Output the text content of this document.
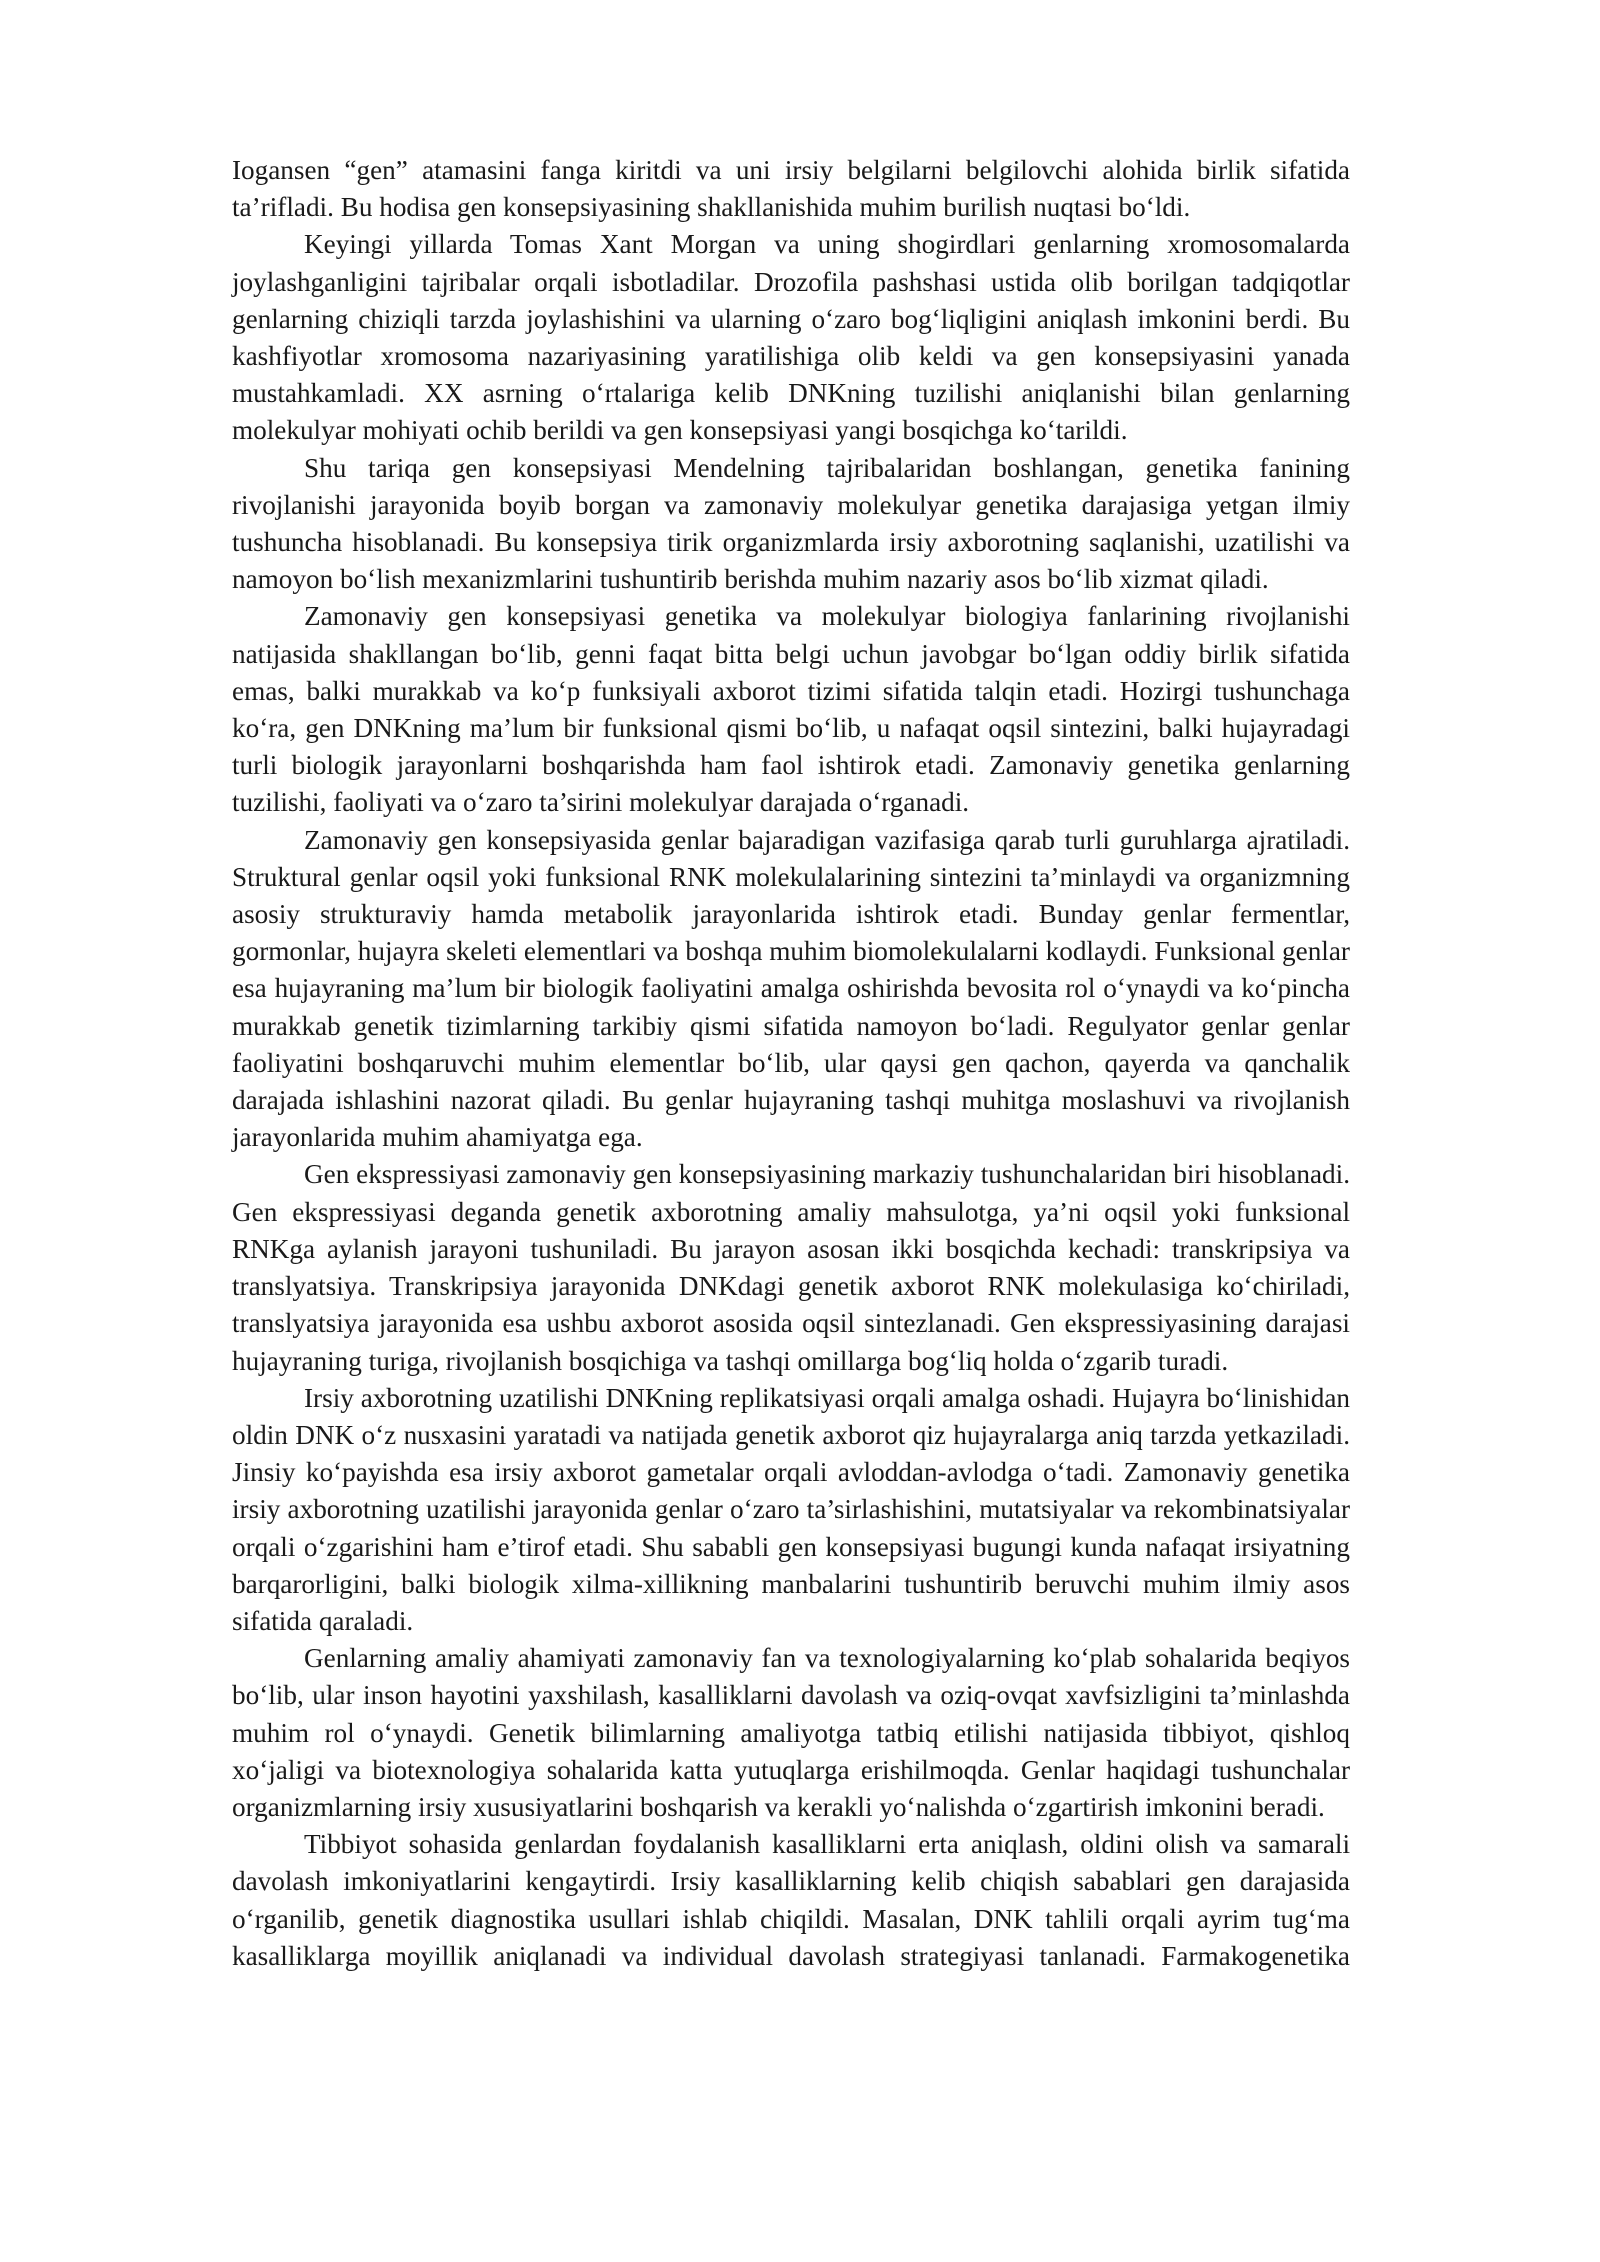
Iogansen “gen” atamasini fanga kiritdi va uni irsiy belgilarni belgilovchi alohida birlik sifatida ta’rifladi. Bu hodisa gen konsepsiyasining shakllanishida muhim burilish nuqtasi bo‘ldi.

Keyingi yillarda Tomas Xant Morgan va uning shogirdlari genlarning xromosomalarda joylashganligini tajribalar orqali isbotladilar. Drozofila pashshasi ustida olib borilgan tadqiqotlar genlarning chiziqli tarzda joylashishini va ularning o‘zaro bog‘liqligini aniqlash imkonini berdi. Bu kashfiyotlar xromosoma nazariyasining yaratilishiga olib keldi va gen konsepsiyasini yanada mustahkamladi. XX asrning o‘rtalariga kelib DNKning tuzilishi aniqlanishi bilan genlarning molekulyar mohiyati ochib berildi va gen konsepsiyasi yangi bosqichga ko‘tarildi.

Shu tariqa gen konsepsiyasi Mendelning tajribalaridan boshlangan, genetika fanining rivojlanishi jarayonida boyib borgan va zamonaviy molekulyar genetika darajasiga yetgan ilmiy tushuncha hisoblanadi. Bu konsepsiya tirik organizmlarda irsiy axborotning saqlanishi, uzatilishi va namoyon bo‘lish mexanizmlarini tushuntirib berishda muhim nazariy asos bo‘lib xizmat qiladi.

Zamonaviy gen konsepsiyasi genetika va molekulyar biologiya fanlarining rivojlanishi natijasida shakllangan bo‘lib, genni faqat bitta belgi uchun javobgar bo‘lgan oddiy birlik sifatida emas, balki murakkab va ko‘p funksiyali axborot tizimi sifatida talqin etadi. Hozirgi tushunchaga ko‘ra, gen DNKning ma’lum bir funksional qismi bo‘lib, u nafaqat oqsil sintezini, balki hujayradagi turli biologik jarayonlarni boshqarishda ham faol ishtirok etadi. Zamonaviy genetika genlarning tuzilishi, faoliyati va o‘zaro ta’sirini molekulyar darajada o‘rganadi.

Zamonaviy gen konsepsiyasida genlar bajaradigan vazifasiga qarab turli guruhlarga ajratiladi. Struktural genlar oqsil yoki funksional RNK molekulalarining sintezini ta’minlaydi va organizmning asosiy strukturaviy hamda metabolik jarayonlarida ishtirok etadi. Bunday genlar fermentlar, gormonlar, hujayra skeleti elementlari va boshqa muhim biomolekulalarni kodlaydi. Funksional genlar esa hujayraning ma’lum bir biologik faoliyatini amalga oshirishda bevosita rol o‘ynaydi va ko‘pincha murakkab genetik tizimlarning tarkibiy qismi sifatida namoyon bo‘ladi. Regulyator genlar genlar faoliyatini boshqaruvchi muhim elementlar bo‘lib, ular qaysi gen qachon, qayerda va qanchalik darajada ishlashini nazorat qiladi. Bu genlar hujayraning tashqi muhitga moslashuvi va rivojlanish jarayonlarida muhim ahamiyatga ega.

Gen ekspressiyasi zamonaviy gen konsepsiyasining markaziy tushunchalaridan biri hisoblanadi. Gen ekspressiyasi deganda genetik axborotning amaliy mahsulotga, ya’ni oqsil yoki funksional RNKga aylanish jarayoni tushuniladi. Bu jarayon asosan ikki bosqichda kechadi: transkripsiya va translyatsiya. Transkripsiya jarayonida DNKdagi genetik axborot RNK molekulasiga ko‘chiriladi, translyatsiya jarayonida esa ushbu axborot asosida oqsil sintezlanadi. Gen ekspressiyasining darajasi hujayraning turiga, rivojlanish bosqichiga va tashqi omillarga bog‘liq holda o‘zgarib turadi.

Irsiy axborotning uzatilishi DNKning replikatsiyasi orqali amalga oshadi. Hujayra bo‘linishidan oldin DNK o‘z nusxasini yaratadi va natijada genetik axborot qiz hujayralarga aniq tarzda yetkaziladi. Jinsiy ko‘payishda esa irsiy axborot gametalar orqali avloddan-avlodga o‘tadi. Zamonaviy genetika irsiy axborotning uzatilishi jarayonida genlar o‘zaro ta’sirlashishini, mutatsiyalar va rekombinatsiyalar orqali o‘zgarishini ham e’tirof etadi. Shu sababli gen konsepsiyasi bugungi kunda nafaqat irsiyatning barqarorligini, balki biologik xilma-xillikning manbalarini tushuntirib beruvchi muhim ilmiy asos sifatida qaraladi.

Genlarning amaliy ahamiyati zamonaviy fan va texnologiyalarning ko‘plab sohalarida beqiyos bo‘lib, ular inson hayotini yaxshilash, kasalliklarni davolash va oziq-ovqat xavfsizligini ta’minlashda muhim rol o‘ynaydi. Genetik bilimlarning amaliyotga tatbiq etilishi natijasida tibbiyot, qishloq xo‘jaligi va biotexnologiya sohalarida katta yutuqlarga erishilmoqda. Genlar haqidagi tushunchalar organizmlarning irsiy xususiyatlarini boshqarish va kerakli yo‘nalishda o‘zgartirish imkonini beradi.

Tibbiyot sohasida genlardan foydalanish kasalliklarni erta aniqlash, oldini olish va samarali davolash imkoniyatlarini kengaytirdi. Irsiy kasalliklarning kelib chiqish sabablari gen darajasida o‘rganilib, genetik diagnostika usullari ishlab chiqildi. Masalan, DNK tahlili orqali ayrim tug‘ma kasalliklarga moyillik aniqlanadi va individual davolash strategiyasi tanlanadi. Farmakogenetika
